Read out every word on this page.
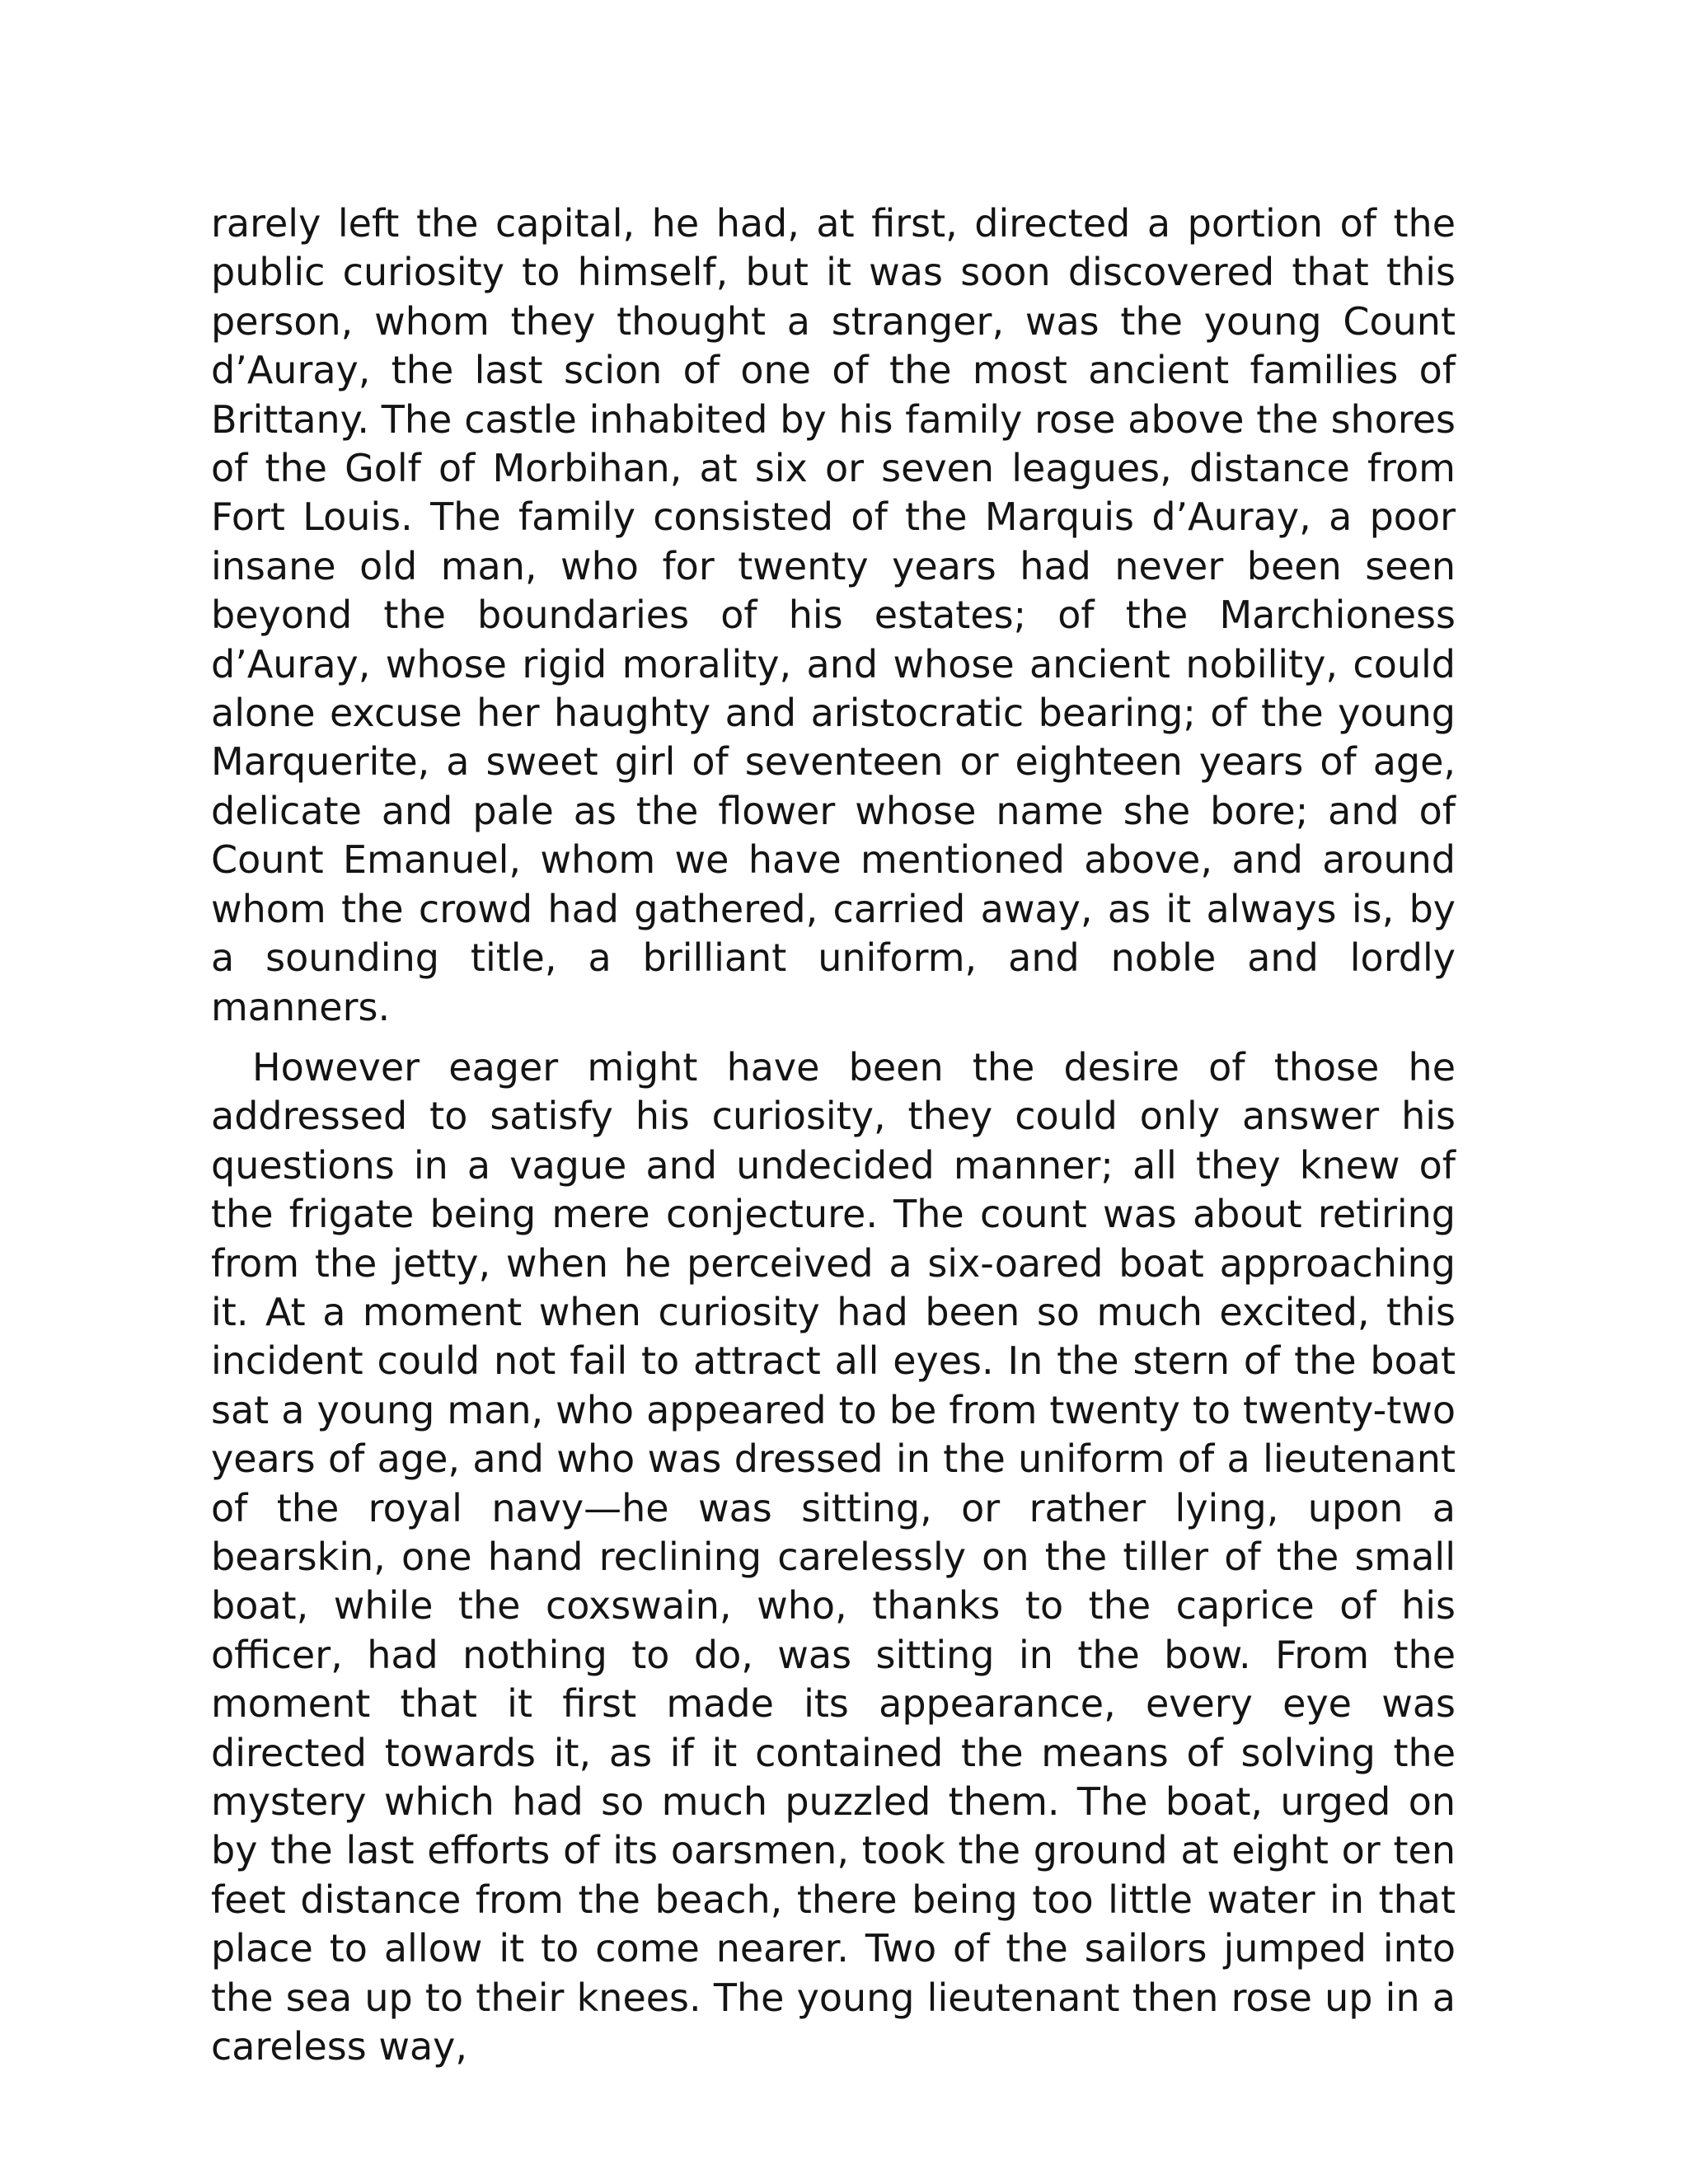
rarely left the capital, he had, at first, directed a portion of the public curiosity to himself, but it was soon discovered that this person, whom they thought a stranger, was the young Count d’Auray, the last scion of one of the most ancient families of Brittany. The castle inhabited by his family rose above the shores of the Golf of Morbihan, at six or seven leagues, distance from Fort Louis. The family consisted of the Marquis d’Auray, a poor insane old man, who for twenty years had never been seen beyond the boundaries of his estates; of the Marchioness d’Auray, whose rigid morality, and whose ancient nobility, could alone excuse her haughty and aristocratic bearing; of the young Marquerite, a sweet girl of seventeen or eighteen years of age, delicate and pale as the flower whose name she bore; and of Count Emanuel, whom we have mentioned above, and around whom the crowd had gathered, carried away, as it always is, by a sounding title, a brilliant uniform, and noble and lordly manners.

However eager might have been the desire of those he addressed to satisfy his curiosity, they could only answer his questions in a vague and undecided manner; all they knew of the frigate being mere conjecture. The count was about retiring from the jetty, when he perceived a six-oared boat approaching it. At a moment when curiosity had been so much excited, this incident could not fail to attract all eyes. In the stern of the boat sat a young man, who appeared to be from twenty to twenty-two years of age, and who was dressed in the uniform of a lieutenant of the royal navy—he was sitting, or rather lying, upon a bearskin, one hand reclining carelessly on the tiller of the small boat, while the coxswain, who, thanks to the caprice of his officer, had nothing to do, was sitting in the bow. From the moment that it first made its appearance, every eye was directed towards it, as if it contained the means of solving the mystery which had so much puzzled them. The boat, urged on by the last efforts of its oarsmen, took the ground at eight or ten feet distance from the beach, there being too little water in that place to allow it to come nearer. Two of the sailors jumped into the sea up to their knees. The young lieutenant then rose up in a careless way,
